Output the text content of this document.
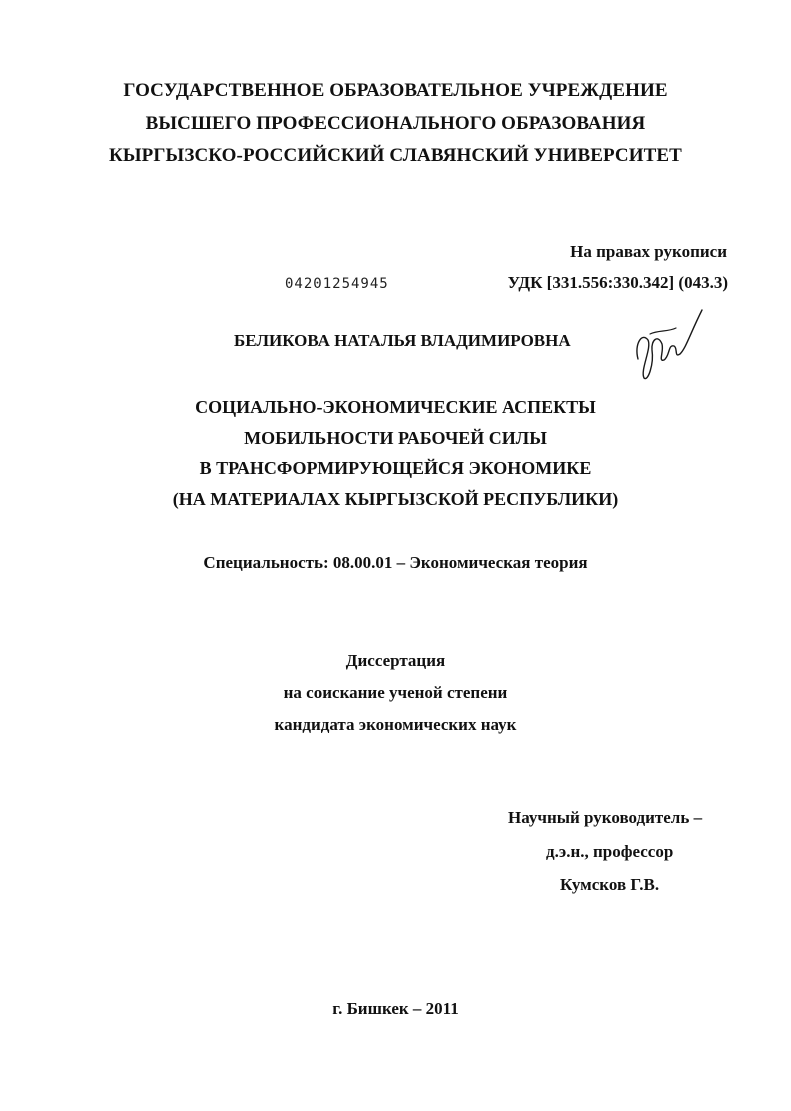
ГОСУДАРСТВЕННОЕ ОБРАЗОВАТЕЛЬНОЕ УЧРЕЖДЕНИЕ
ВЫСШЕГО ПРОФЕССИОНАЛЬНОГО ОБРАЗОВАНИЯ
КЫРГЫЗСКО-РОССИЙСКИЙ СЛАВЯНСКИЙ УНИВЕРСИТЕТ
На правах рукописи
04201254945	УДК [331.556:330.342] (043.3)
БЕЛИКОВА НАТАЛЬЯ ВЛАДИМИРОВНА
СОЦИАЛЬНО-ЭКОНОМИЧЕСКИЕ АСПЕКТЫ
МОБИЛЬНОСТИ РАБОЧЕЙ СИЛЫ
В ТРАНСФОРМИРУЮЩЕЙСЯ ЭКОНОМИКЕ
(НА МАТЕРИАЛАХ КЫРГЫЗСКОЙ РЕСПУБЛИКИ)
Специальность: 08.00.01 – Экономическая теория
Диссертация
на соискание ученой степени
кандидата экономических наук
Научный руководитель –
д.э.н., профессор
Кумсков Г.В.
г. Бишкек – 2011
